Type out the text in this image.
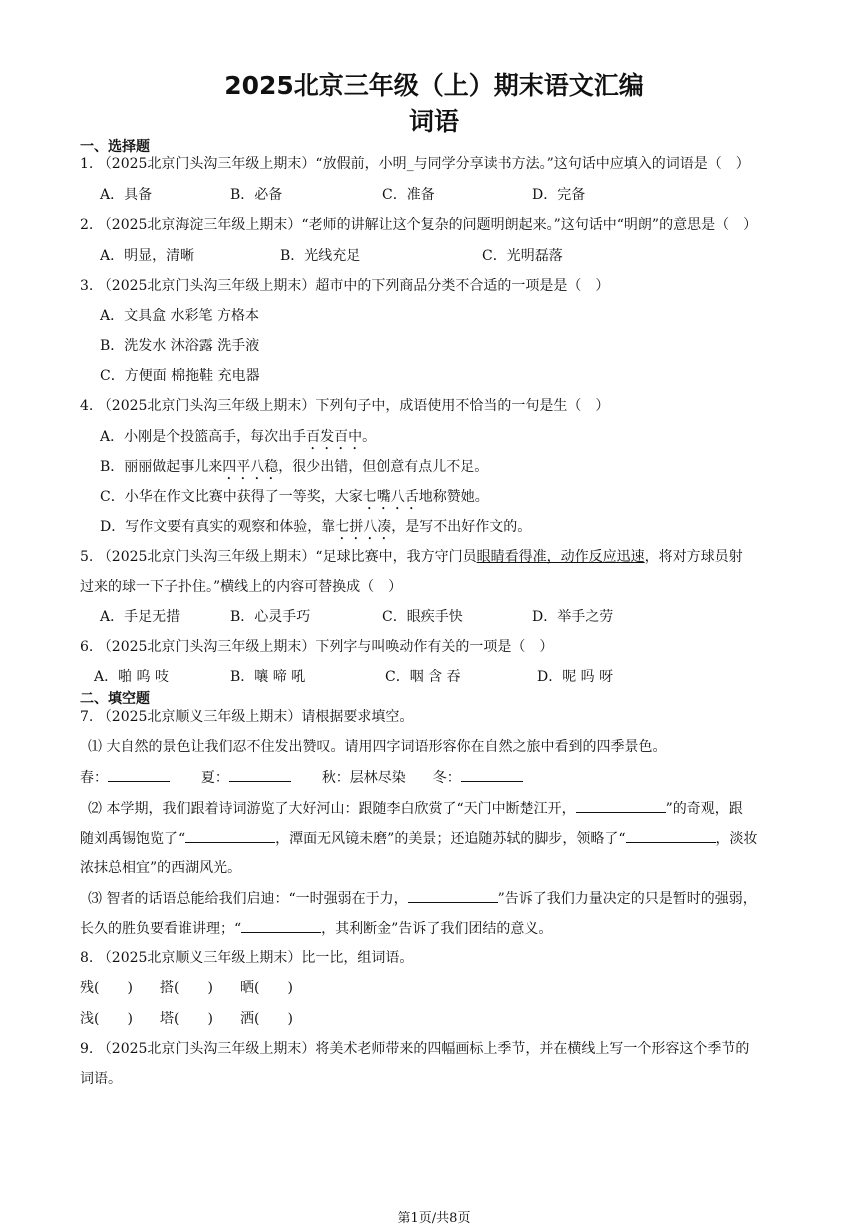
2025北京三年级（上）期末语文汇编
词语
一、选择题
1. （2025北京门头沟三年级上期末）“放假前，小明_与同学分享读书方法。”这句话中应填入的词语是（　）
A．具备	B．必备	C．准备	D．完备
2. （2025北京海淀三年级上期末）“老师的讲解让这个复杂的问题明朗起来。”这句话中“明朗”的意思是（　）
A．明显，清晰	B．光线充足	C．光明磊落
3. （2025北京门头沟三年级上期末）超市中的下列商品分类不合适的一项是是（　）
A．文具盒 水彩笔 方格本
B．洗发水 沐浴露 洗手液
C．方便面 棉拖鞋 充电器
4. （2025北京门头沟三年级上期末）下列句子中，成语使用不恰当的一句是生（　）
A．小刚是个投篮高手，每次出手百发百中。
B．丽丽做起事儿来四平八稳，很少出错，但创意有点儿不足。
C．小华在作文比赛中获得了一等奖，大家七嘴八舌地称赞她。
D．写作文要有真实的观察和体验，靠七拼八凑，是写不出好作文的。
5. （2025北京门头沟三年级上期末）“足球比赛中，我方守门员眼睛看得准，动作反应迅速，将对方球员射
过来的球一下子扑住。”横线上的内容可替换成（　）
A．手足无措	B．心灵手巧	C．眼疾手快	D．举手之劳
6. （2025北京门头沟三年级上期末）下列字与叫唤动作有关的一项是（　）
A．啪 呜 吱	B．嚷 啼 吼	C．咽 含 吞	D．呢 吗 呀
二、填空题
7. （2025北京顺义三年级上期末）请根据要求填空。
⑴ 大自然的景色让我们忍不住发出赞叹。请用四字词语形容你在自然之旅中看到的四季景色。
春：	夏：	秋：层林尽染 冬：
⑵ 本学期，我们跟着诗词游览了大好河山：跟随李白欣赏了“天门中断楚江开，	”的奇观，跟
随刘禹锡饱览了“	，潭面无风镜未磨”的美景；还追随苏轼的脚步，领略了“	，淡妆
浓抹总相宜”的西湖风光。
⑶ 智者的话语总能给我们启迪：“一时强弱在于力，	”告诉了我们力量决定的只是暂时的强弱，
长久的胜负要看谁讲理；“	，其利断金”告诉了我们团结的意义。
8. （2025北京顺义三年级上期末）比一比，组词语。
残(　　) 搭(　　) 晒(　　)
浅(　　) 塔(　　) 洒(　　)
9. （2025北京门头沟三年级上期末）将美术老师带来的四幅画标上季节，并在横线上写一个形容这个季节的
词语。
第1页/共8页
